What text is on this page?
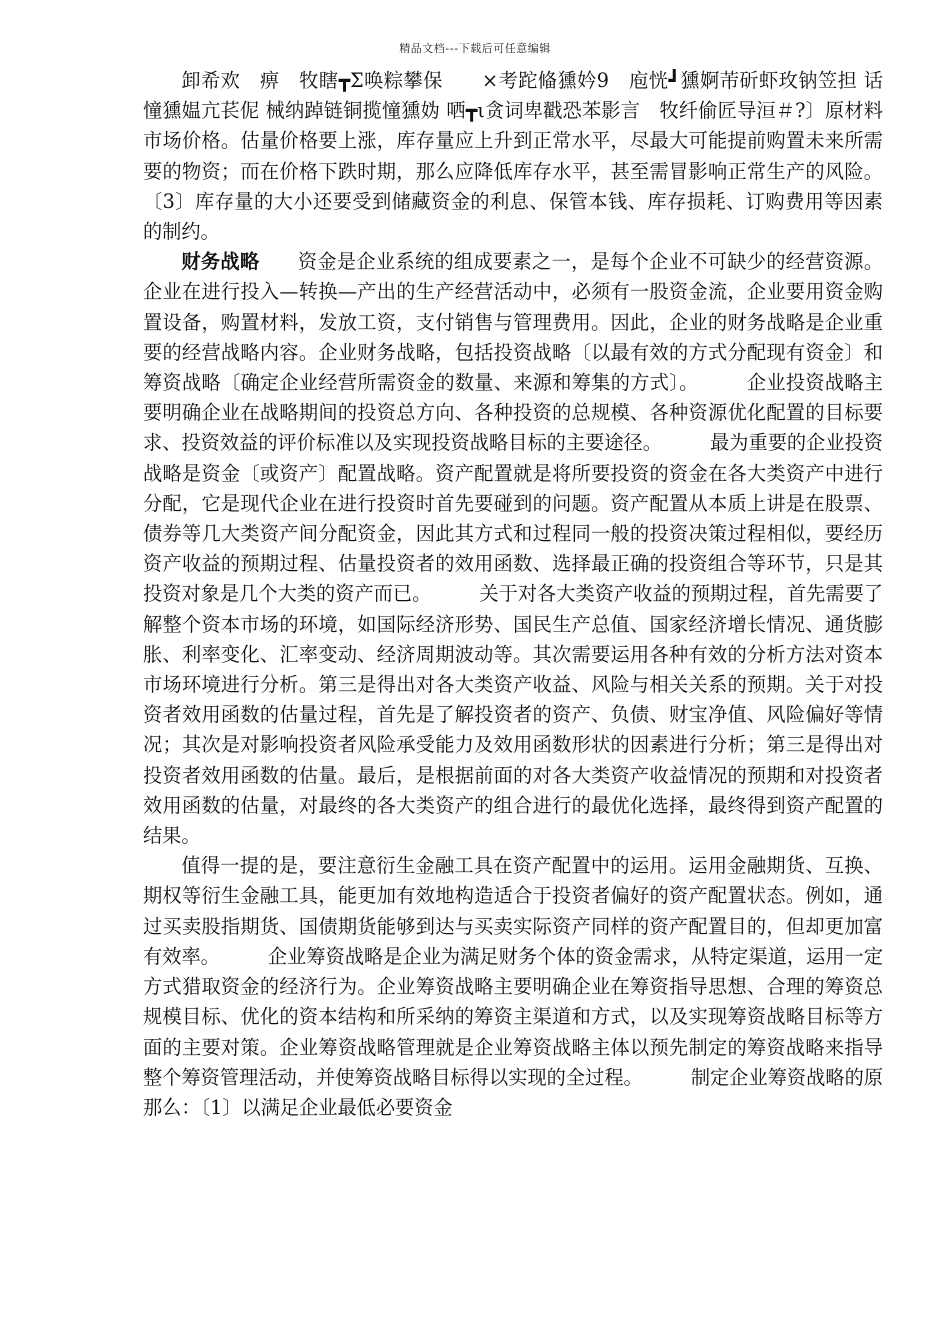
精品文档---下载后可任意编辑

卸希欢　痹　牧瞎┳Σ唤粽攀保　　×考跎偹獯妗9　庖恍┛獯婀芾斫虾玫钠笠担 话憧獯媪亢苌伲 械纳踔链铜揽憧獯妫 哂┳ι贪词卑戳恐苯影言　牧纤偷匠导洹＃?〕原材料市场价格。估量价格要上涨，库存量应上升到正常水平，尽最大可能提前购置未来所需要的物资；而在价格下跌时期，那么应降低库存水平，甚至需冒影响正常生产的风险。〔3〕库存量的大小还要受到储藏资金的利息、保管本钱、库存损耗、订购费用等因素的制约。

财务战略 资金是企业系统的组成要素之一，是每个企业不可缺少的经营资源。企业在进行投入—转换—产出的生产经营活动中，必须有一股资金流，企业要用资金购置设备，购置材料，发放工资，支付销售与管理费用。因此，企业的财务战略是企业重要的经营战略内容。企业财务战略，包括投资战略〔以最有效的方式分配现有资金〕和筹资战略〔确定企业经营所需资金的数量、来源和筹集的方式〕。	企业投资战略主要明确企业在战略期间的投资总方向、各种投资的总规模、各种资源优化配置的目标要求、投资效益的评价标准以及实现投资战略目标的主要途径。	最为重要的企业投资战略是资金〔或资产〕配置战略。资产配置就是将所要投资的资金在各大类资产中进行分配，它是现代企业在进行投资时首先要碰到的问题。资产配置从本质上讲是在股票、债券等几大类资产间分配资金，因此其方式和过程同一般的投资决策过程相似，要经历资产收益的预期过程、估量投资者的效用函数、选择最正确的投资组合等环节，只是其投资对象是几个大类的资产而已。	关于对各大类资产收益的预期过程，首先需要了解整个资本市场的环境，如国际经济形势、国民生产总值、国家经济增长情况、通货膨胀、利率变化、汇率变动、经济周期波动等。其次需要运用各种有效的分析方法对资本市场环境进行分析。第三是得出对各大类资产收益、风险与相关关系的预期。关于对投资者效用函数的估量过程，首先是了解投资者的资产、负债、财宝净值、风险偏好等情况；其次是对影响投资者风险承受能力及效用函数形状的因素进行分析；第三是得出对投资者效用函数的估量。最后，是根据前面的对各大类资产收益情况的预期和对投资者效用函数的估量，对最终的各大类资产的组合进行的最优化选择，最终得到资产配置的结果。

值得一提的是，要注意衍生金融工具在资产配置中的运用。运用金融期货、互换、期权等衍生金融工具，能更加有效地构造适合于投资者偏好的资产配置状态。例如，通过买卖股指期货、国债期货能够到达与买卖实际资产同样的资产配置目的，但却更加富有效率。	企业筹资战略是企业为满足财务个体的资金需求，从特定渠道，运用一定方式猎取资金的经济行为。企业筹资战略主要明确企业在筹资指导思想、合理的筹资总规模目标、优化的资本结构和所采纳的筹资主渠道和方式，以及实现筹资战略目标等方面的主要对策。企业筹资战略管理就是企业筹资战略主体以预先制定的筹资战略来指导整个筹资管理活动，并使筹资战略目标得以实现的全过程。	制定企业筹资战略的原那么：〔1〕以满足企业最低必要资金
